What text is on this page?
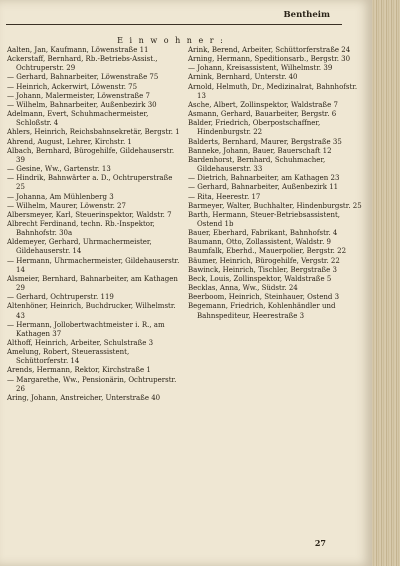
Bentheim
E i n w o h n e r :
Aalten, Jan, Kaufmann, Löwenstraße 11
Ackerstaff, Bernhard, Rb.-Betriebs-Assist., Ochtruperstr. 29
— Gerhard, Bahnarbeiter, Löwenstraße 75
— Heinrich, Ackerwirt, Löwenstr. 75
— Johann, Malermeister, Löwenstraße 7
— Wilhelm, Bahnarbeiter, Außenbezirk 30
Adelmann, Evert, Schuhmachermeister, Schloßstr. 4
Ahlers, Heinrich, Reichsbahnsekretär, Bergstr. 1
Ahrend, August, Lehrer, Kirchstr. 1
Albach, Bernhard, Bürogehilfe, Gildehauserstr. 39
— Gesine, Ww., Gartenstr. 13
— Hindrik, Bahnwärter a. D., Ochtruperstraße 25
— Johanna, Am Mühlenberg 3
— Wilhelm, Maurer, Löwenstr. 27
Albersmeyer, Karl, Steuerinspektor, Waldstr. 7
Albrecht Ferdinand, techn. Rb.-Inspektor, Bahnhofstr. 30a
Aldemeyer, Gerhard, Uhrmachermeister, Gildehauserstr. 14
— Hermann, Uhrmachermeister, Gildehauserstr. 14
Alsmeier, Bernhard, Bahnarbeiter, am Kathagen 29
— Gerhard, Ochtruperstr. 119
Altenhöner, Heinrich, Buchdrucker, Wilhelmstr. 43
— Hermann, Jollobertwachtmeister i. R., am Kathagen 37
Althoff, Heinrich, Arbeiter, Schulstraße 3
Amelung, Robert, Steuerassistent, Schüttorferstr. 14
Arends, Hermann, Rektor, Kirchstraße 1
— Margarethe, Ww., Pensionärin, Ochtruperstr. 26
Aring, Johann, Anstreicher, Unterstraße 40
Arink, Berend, Arbeiter, Schüttorferstraße 24
Arning, Hermann, Speditionsarb., Bergstr. 30
— Johann, Kreisassistent, Wilhelmstr. 39
Arnink, Bernhard, Unterstr. 40
Arnold, Helmuth, Dr., Medizinalrat, Bahnhofstr. 13
Asche, Albert, Zollinspektor, Waldstraße 7
Asmann, Gerhard, Bauarbeiter, Bergstr. 6
Balder, Friedrich, Oberpostschaffner, Hindenburgstr. 22
Balderts, Bernhard, Maurer, Bergstraße 35
Banneke, Johann, Bauer, Bauerschaft 12
Bardenhorst, Bernhard, Schuhmacher, Gildehauserstr. 33
— Dietrich, Bahnarbeiter, am Kathagen 23
— Gerhard, Bahnarbeiter, Außenbezirk 11
— Rita, Heerestr. 17
Barmeyer, Walter, Buchhalter, Hindenburgstr. 25
Barth, Hermann, Steuer-Betriebsassistent, Ostend 1b
Bauer, Eberhard, Fabrikant, Bahnhofstr. 4
Baumann, Otto, Zollassistent, Waldstr. 9
Baumfalk, Eberhd., Mauerpolier, Bergstr. 22
Bäumer, Heinrich, Bürogehilfe, Vergstr. 22
Bawinck, Heinrich, Tischler, Bergstraße 3
Beck, Louis, Zollinspektor, Waldstraße 5
Becklas, Anna, Ww., Südstr. 24
Beerboom, Heinrich, Steinhauer, Ostend 3
Begemann, Friedrich, Kohlenhändler und Bahnspediteur, Heerestraße 3
27
